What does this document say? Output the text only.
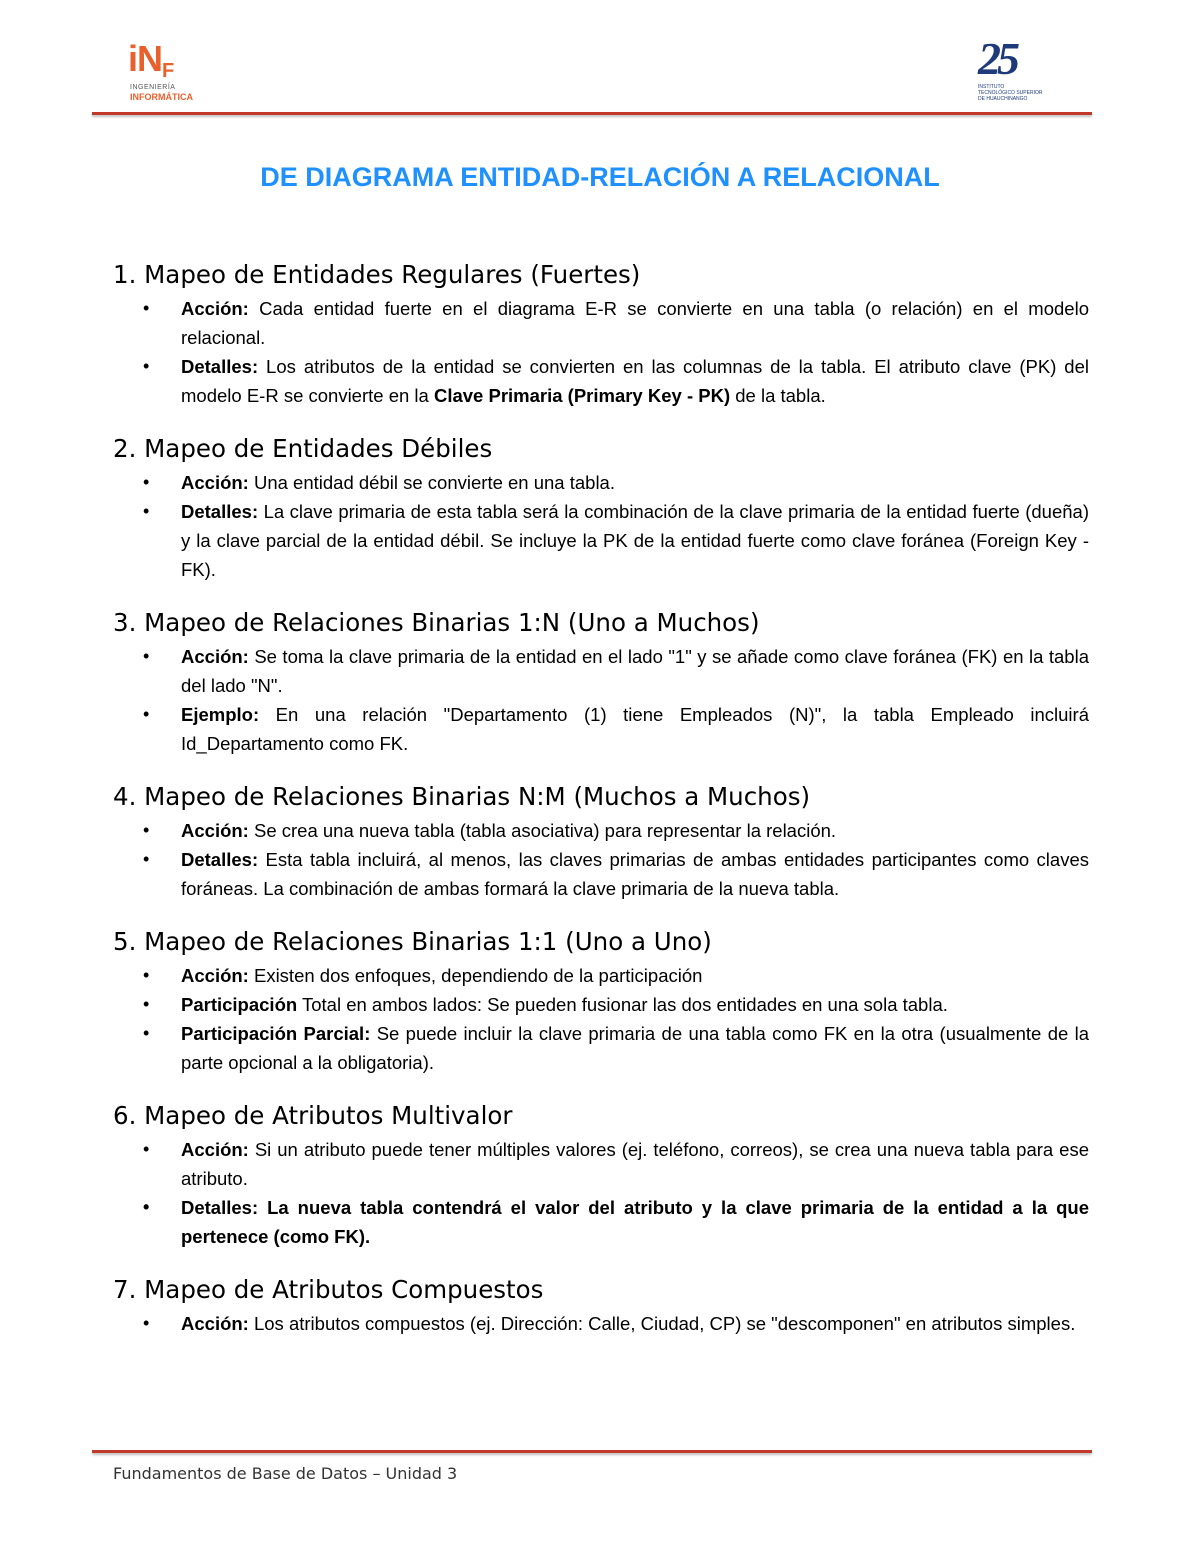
iNF
INGENIERÍA
INFORMÁTICA
25
INSTITUTO
TECNOLÓGICO SUPERIOR
DE HUAUCHINANGO
DE DIAGRAMA ENTIDAD-RELACIÓN A RELACIONAL
1. Mapeo de Entidades Regulares (Fuertes)
• Acción: Cada entidad fuerte en el diagrama E-R se convierte en una tabla (o relación) en el modelo relacional.
• Detalles: Los atributos de la entidad se convierten en las columnas de la tabla. El atributo clave (PK) del modelo E-R se convierte en la Clave Primaria (Primary Key - PK) de la tabla.
2. Mapeo de Entidades Débiles
• Acción: Una entidad débil se convierte en una tabla.
• Detalles: La clave primaria de esta tabla será la combinación de la clave primaria de la entidad fuerte (dueña) y la clave parcial de la entidad débil. Se incluye la PK de la entidad fuerte como clave foránea (Foreign Key - FK).
3. Mapeo de Relaciones Binarias 1:N (Uno a Muchos)
• Acción: Se toma la clave primaria de la entidad en el lado "1" y se añade como clave foránea (FK) en la tabla del lado "N".
• Ejemplo: En una relación "Departamento (1) tiene Empleados (N)", la tabla Empleado incluirá Id_Departamento como FK.
4. Mapeo de Relaciones Binarias N:M (Muchos a Muchos)
• Acción: Se crea una nueva tabla (tabla asociativa) para representar la relación.
• Detalles: Esta tabla incluirá, al menos, las claves primarias de ambas entidades participantes como claves foráneas. La combinación de ambas formará la clave primaria de la nueva tabla.
5. Mapeo de Relaciones Binarias 1:1 (Uno a Uno)
• Acción: Existen dos enfoques, dependiendo de la participación
• Participación Total en ambos lados: Se pueden fusionar las dos entidades en una sola tabla.
• Participación Parcial: Se puede incluir la clave primaria de una tabla como FK en la otra (usualmente de la parte opcional a la obligatoria).
6. Mapeo de Atributos Multivalor
• Acción: Si un atributo puede tener múltiples valores (ej. teléfono, correos), se crea una nueva tabla para ese atributo.
• Detalles: La nueva tabla contendrá el valor del atributo y la clave primaria de la entidad a la que pertenece (como FK).
7. Mapeo de Atributos Compuestos
• Acción: Los atributos compuestos (ej. Dirección: Calle, Ciudad, CP) se "descomponen" en atributos simples.
Fundamentos de Base de Datos – Unidad 3
